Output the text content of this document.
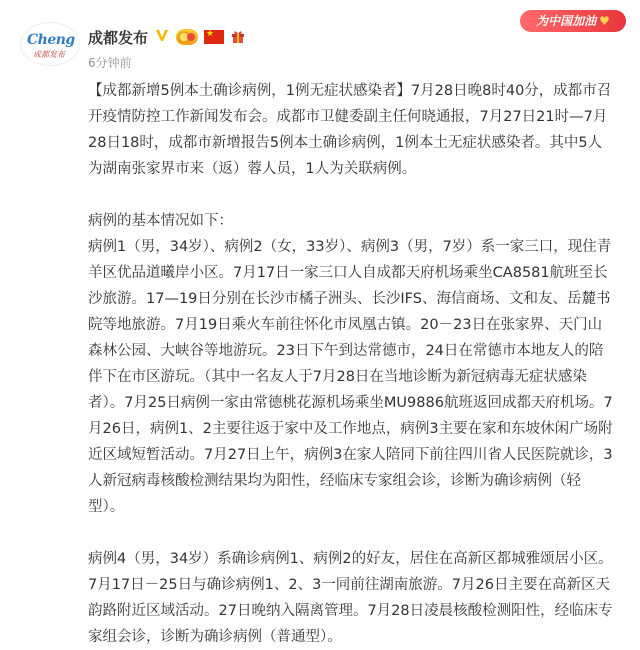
Cheng
成都发布
成都发布
★
6分钟前
为中国加油 ♥

【成都新增5例本土确诊病例，1例无症状感染者】7月28日晚8时40分，成都市召开疫情防控工作新闻发布会。成都市卫健委副主任何晓通报，7月27日21时—7月28日18时，成都市新增报告5例本土确诊病例，1例本土无症状感染者。其中5人为湖南张家界市来（返）蓉人员，1人为关联病例。

病例的基本情况如下：
病例1（男，34岁）、病例2（女，33岁）、病例3（男，7岁）系一家三口，现住青羊区优品道曦岸小区。7月17日一家三口人自成都天府机场乘坐CA8581航班至长沙旅游。17—19日分别在长沙市橘子洲头、长沙IFS、海信商场、文和友、岳麓书院等地旅游。7月19日乘火车前往怀化市凤凰古镇。20－23日在张家界、天门山森林公园、大峡谷等地游玩。23日下午到达常德市，24日在常德市本地友人的陪伴下在市区游玩。（其中一名友人于7月28日在当地诊断为新冠病毒无症状感染者）。7月25日病例一家由常德桃花源机场乘坐MU9886航班返回成都天府机场。7月26日，病例1、2主要往返于家中及工作地点，病例3主要在家和东坡休闲广场附近区域短暂活动。7月27日上午，病例3在家人陪同下前往四川省人民医院就诊，3人新冠病毒核酸检测结果均为阳性，经临床专家组会诊，诊断为确诊病例（轻型）。

病例4（男，34岁）系确诊病例1、病例2的好友，居住在高新区都城雅颂居小区。7月17日－25日与确诊病例1、2、3一同前往湖南旅游。7月26日主要在高新区天韵路附近区域活动。27日晚纳入隔离管理。7月28日凌晨核酸检测阳性，经临床专家组会诊，诊断为确诊病例（普通型）。
